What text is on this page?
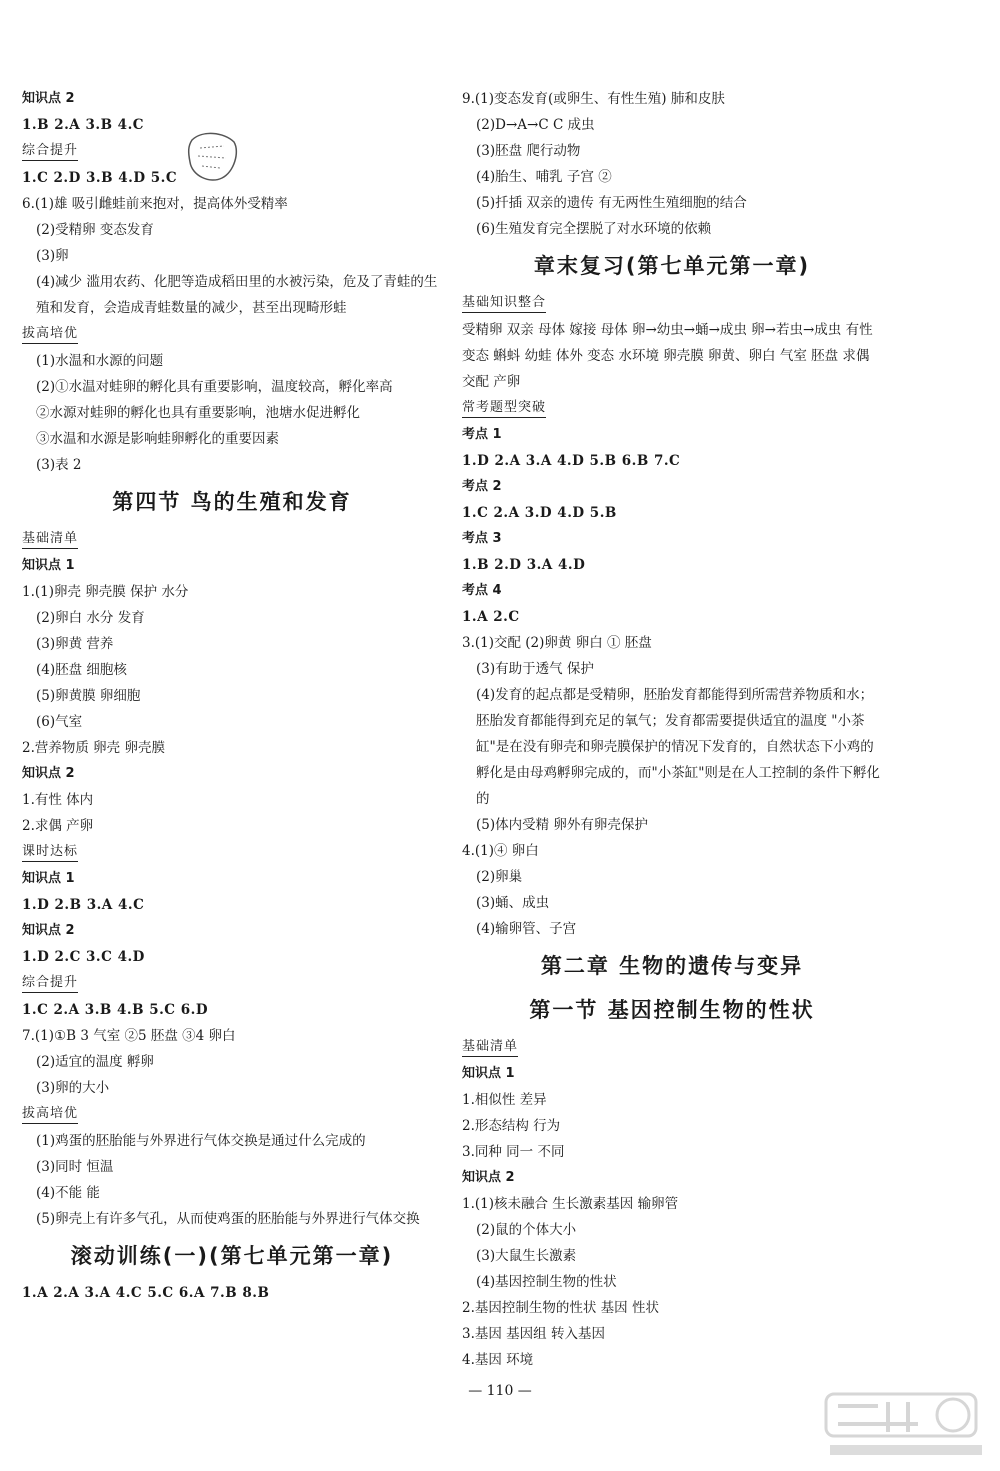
知识点 2
1.B 2.A 3.B 4.C
综合提升
1.C 2.D 3.B 4.D 5.C
6.(1)雄 吸引雌蛙前来抱对，提高体外受精率
(2)受精卵 变态发育
(3)卵
(4)减少 滥用农药、化肥等造成稻田里的水被污染，危及了青蛙的生殖和发育，会造成青蛙数量的减少，甚至出现畸形蛙
拔高培优
(1)水温和水源的问题
(2)①水温对蛙卵的孵化具有重要影响，温度较高，孵化率高
②水源对蛙卵的孵化也具有重要影响，池塘水促进孵化
③水温和水源是影响蛙卵孵化的重要因素
(3)表 2
第四节 鸟的生殖和发育
基础清单
知识点 1
1.(1)卵壳 卵壳膜 保护 水分
(2)卵白 水分 发育
(3)卵黄 营养
(4)胚盘 细胞核
(5)卵黄膜 卵细胞
(6)气室
2.营养物质 卵壳 卵壳膜
知识点 2
1.有性 体内
2.求偶 产卵
课时达标
知识点 1
1.D 2.B 3.A 4.C
知识点 2
1.D 2.C 3.C 4.D
综合提升
1.C 2.A 3.B 4.B 5.C 6.D
7.(1)①B 3 气室 ②5 胚盘 ③4 卵白
(2)适宜的温度 孵卵
(3)卵的大小
拔高培优
(1)鸡蛋的胚胎能与外界进行气体交换是通过什么完成的
(3)同时 恒温
(4)不能 能
(5)卵壳上有许多气孔，从而使鸡蛋的胚胎能与外界进行气体交换
滚动训练(一)(第七单元第一章)
1.A 2.A 3.A 4.C 5.C 6.A 7.B 8.B
9.(1)变态发育(或卵生、有性生殖) 肺和皮肤
(2)D→A→C C 成虫
(3)胚盘 爬行动物
(4)胎生、哺乳 子宫 ②
(5)扦插 双亲的遗传 有无两性生殖细胞的结合
(6)生殖发育完全摆脱了对水环境的依赖
章末复习(第七单元第一章)
基础知识整合
受精卵 双亲 母体 嫁接 母体 卵→幼虫→蛹→成虫 卵→若虫→成虫 有性 变态 蝌蚪 幼蛙 体外 变态 水环境 卵壳膜 卵黄、卵白 气室 胚盘 求偶 交配 产卵
常考题型突破
考点 1
1.D 2.A 3.A 4.D 5.B 6.B 7.C
考点 2
1.C 2.A 3.D 4.D 5.B
考点 3
1.B 2.D 3.A 4.D
考点 4
1.A 2.C
3.(1)交配 (2)卵黄 卵白 ① 胚盘
(3)有助于透气 保护
(4)发育的起点都是受精卵，胚胎发育都能得到所需营养物质和水；胚胎发育都能得到充足的氧气；发育都需要提供适宜的温度 "小茶缸"是在没有卵壳和卵壳膜保护的情况下发育的，自然状态下小鸡的孵化是由母鸡孵卵完成的，而"小茶缸"则是在人工控制的条件下孵化的
(5)体内受精 卵外有卵壳保护
4.(1)④ 卵白
(2)卵巢
(3)蛹、成虫
(4)输卵管、子宫
第二章 生物的遗传与变异
第一节 基因控制生物的性状
基础清单
知识点 1
1.相似性 差异
2.形态结构 行为
3.同种 同一 不同
知识点 2
1.(1)核未融合 生长激素基因 输卵管
(2)鼠的个体大小
(3)大鼠生长激素
(4)基因控制生物的性状
2.基因控制生物的性状 基因 性状
3.基因 基因组 转入基因
4.基因 环境
— 110 —
